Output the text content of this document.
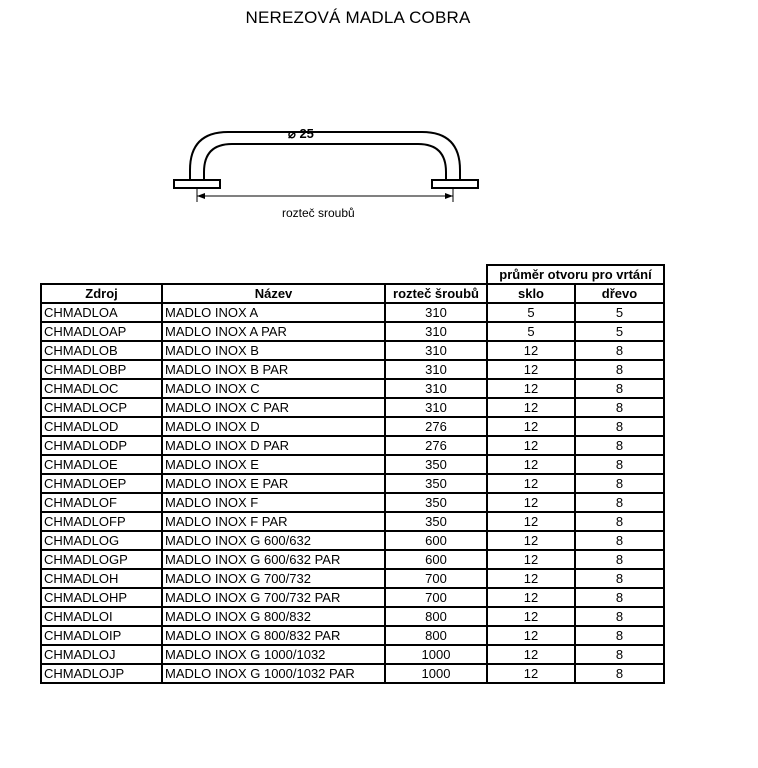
NEREZOVÁ MADLA COBRA
⌀ 25
rozteč sroubů
			průměr otvoru pro vrtání	
Zdroj	Název	rozteč šroubů	sklo	dřevo
CHMADLOA	MADLO INOX A	310	5	5
CHMADLOAP	MADLO INOX A PAR	310	5	5
CHMADLOB	MADLO INOX B	310	12	8
CHMADLOBP	MADLO INOX B PAR	310	12	8
CHMADLOC	MADLO INOX C	310	12	8
CHMADLOCP	MADLO INOX C PAR	310	12	8
CHMADLOD	MADLO INOX D	276	12	8
CHMADLODP	MADLO INOX D PAR	276	12	8
CHMADLOE	MADLO INOX E	350	12	8
CHMADLOEP	MADLO INOX E PAR	350	12	8
CHMADLOF	MADLO INOX F	350	12	8
CHMADLOFP	MADLO INOX F PAR	350	12	8
CHMADLOG	MADLO INOX G 600/632	600	12	8
CHMADLOGP	MADLO INOX G 600/632 PAR	600	12	8
CHMADLOH	MADLO INOX G 700/732	700	12	8
CHMADLOHP	MADLO INOX G 700/732 PAR	700	12	8
CHMADLOI	MADLO INOX G 800/832	800	12	8
CHMADLOIP	MADLO INOX G 800/832 PAR	800	12	8
CHMADLOJ	MADLO INOX G 1000/1032	1000	12	8
CHMADLOJP	MADLO INOX G 1000/1032 PAR	1000	12	8
